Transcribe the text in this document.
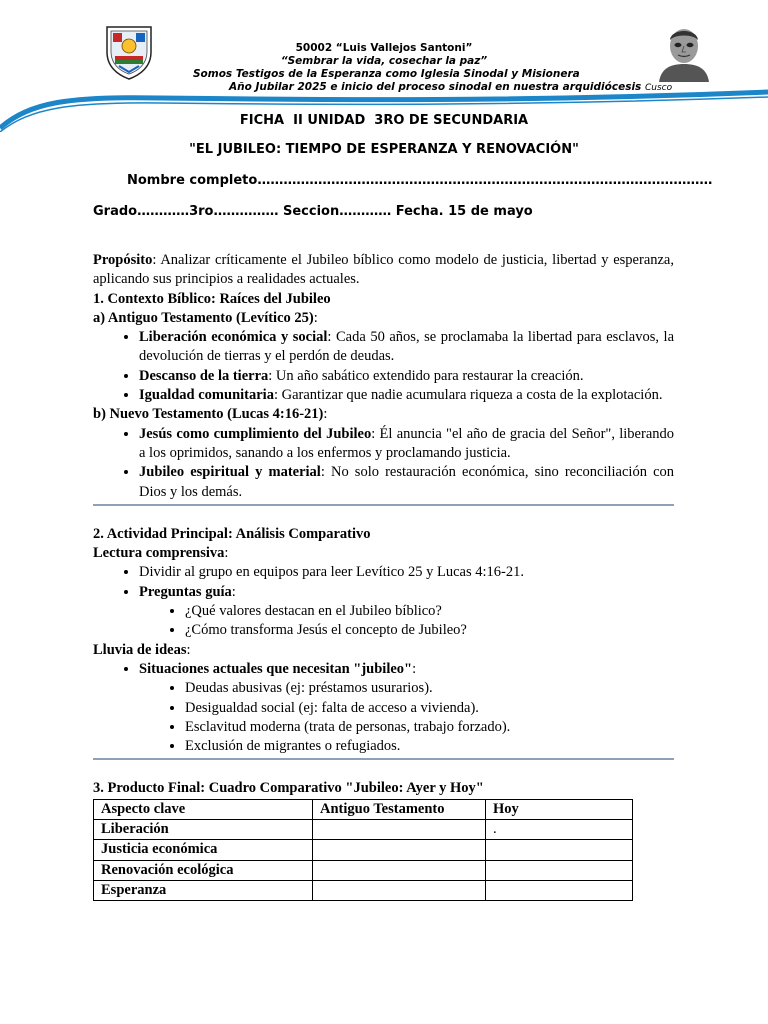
50002 “Luis Vallejos Santoni”
“Sembrar la vida, cosechar la paz”
Somos Testigos de la Esperanza como Iglesia Sinodal y Misionera
Año Jubilar 2025 e inicio del proceso sinodal en nuestra arquidiócesis Cusco
FICHA  II UNIDAD  3RO DE SECUNDARIA
"EL JUBILEO: TIEMPO DE ESPERANZA Y RENOVACIÓN"
Nombre completo……………………………………………………………………………………………
Grado…………3ro…………… Seccion………… Fecha. 15 de mayo

Propósito: Analizar críticamente el Jubileo bíblico como modelo de justicia, libertad y esperanza, aplicando sus principios a realidades actuales.

1. Contexto Bíblico: Raíces del Jubileo

a) Antiguo Testamento (Levítico 25):

• Liberación económica y social: Cada 50 años, se proclamaba la libertad para esclavos, la devolución de tierras y el perdón de deudas.
• Descanso de la tierra: Un año sabático extendido para restaurar la creación.
• Igualdad comunitaria: Garantizar que nadie acumulara riqueza a costa de la explotación.

b) Nuevo Testamento (Lucas 4:16-21):

• Jesús como cumplimiento del Jubileo: Él anuncia "el año de gracia del Señor", liberando a los oprimidos, sanando a los enfermos y proclamando justicia.
• Jubileo espiritual y material: No solo restauración económica, sino reconciliación con Dios y los demás.

2. Actividad Principal: Análisis Comparativo

Lectura comprensiva:

• Dividir al grupo en equipos para leer Levítico 25 y Lucas 4:16-21.
• Preguntas guía:
• ¿Qué valores destacan en el Jubileo bíblico?
• ¿Cómo transforma Jesús el concepto de Jubileo?

Lluvia de ideas:

• Situaciones actuales que necesitan "jubileo":
• Deudas abusivas (ej: préstamos usurarios).
• Desigualdad social (ej: falta de acceso a vivienda).
• Esclavitud moderna (trata de personas, trabajo forzado).
• Exclusión de migrantes o refugiados.

3. Producto Final: Cuadro Comparativo "Jubileo: Ayer y Hoy"

Aspecto clave	Antiguo Testamento	Hoy
Liberación		.
Justicia económica		
Renovación ecológica		
Esperanza		
